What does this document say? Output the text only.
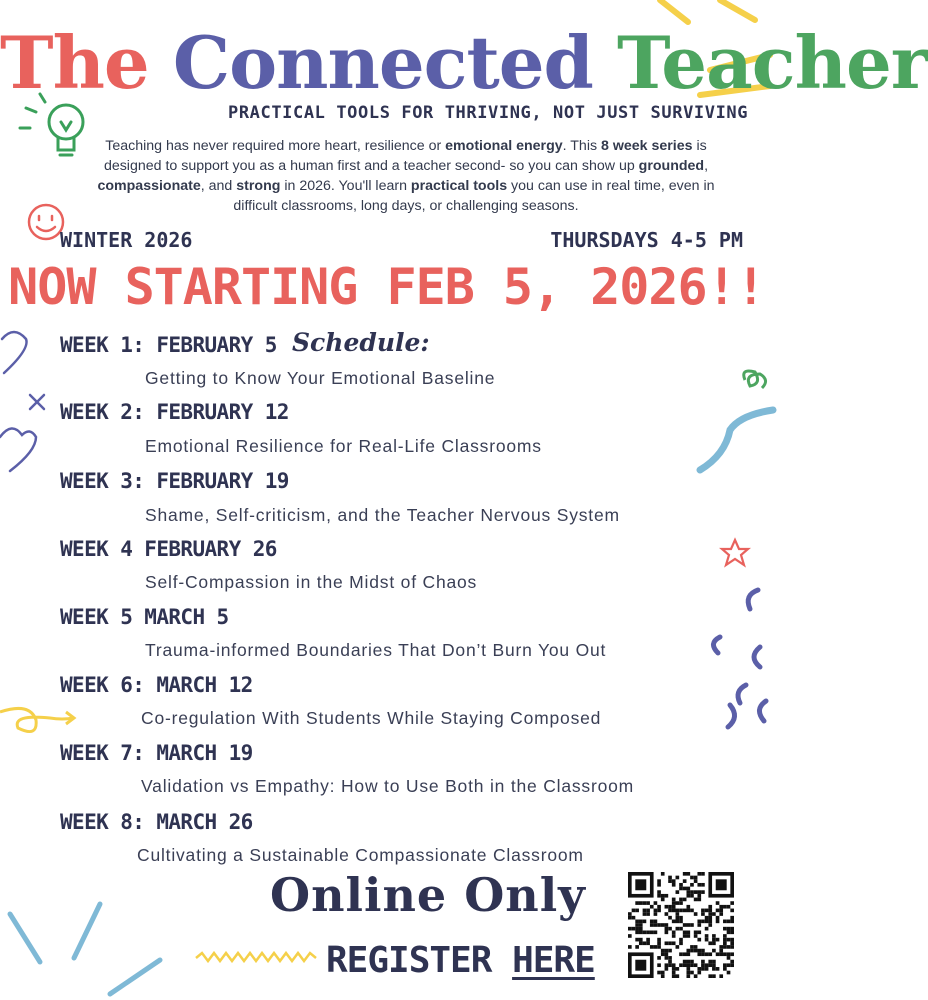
The Connected Teacher
PRACTICAL TOOLS FOR THRIVING, NOT JUST SURVIVING
Teaching has never required more heart, resilience or emotional energy. This 8 week series is designed to support you as a human first and a teacher second- so you can show up grounded, compassionate, and strong in 2026. You'll learn practical tools you can use in real time, even in difficult classrooms, long days, or challenging seasons.
WINTER 2026	THURSDAYS 4-5 PM
NOW STARTING FEB 5, 2026!!
Schedule:
WEEK 1: FEBRUARY 5
Getting to Know Your Emotional Baseline
WEEK 2: FEBRUARY 12
Emotional Resilience for Real-Life Classrooms
WEEK 3: FEBRUARY 19
Shame, Self-criticism, and the Teacher Nervous System
WEEK 4 FEBRUARY 26
Self-Compassion in the Midst of Chaos
WEEK 5 MARCH 5
Trauma-informed Boundaries That Don’t Burn You Out
WEEK 6: MARCH 12
Co-regulation With Students While Staying Composed
WEEK 7: MARCH 19
Validation vs Empathy: How to Use Both in the Classroom
WEEK 8: MARCH 26
Cultivating a Sustainable Compassionate Classroom
Online Only
REGISTER HERE
